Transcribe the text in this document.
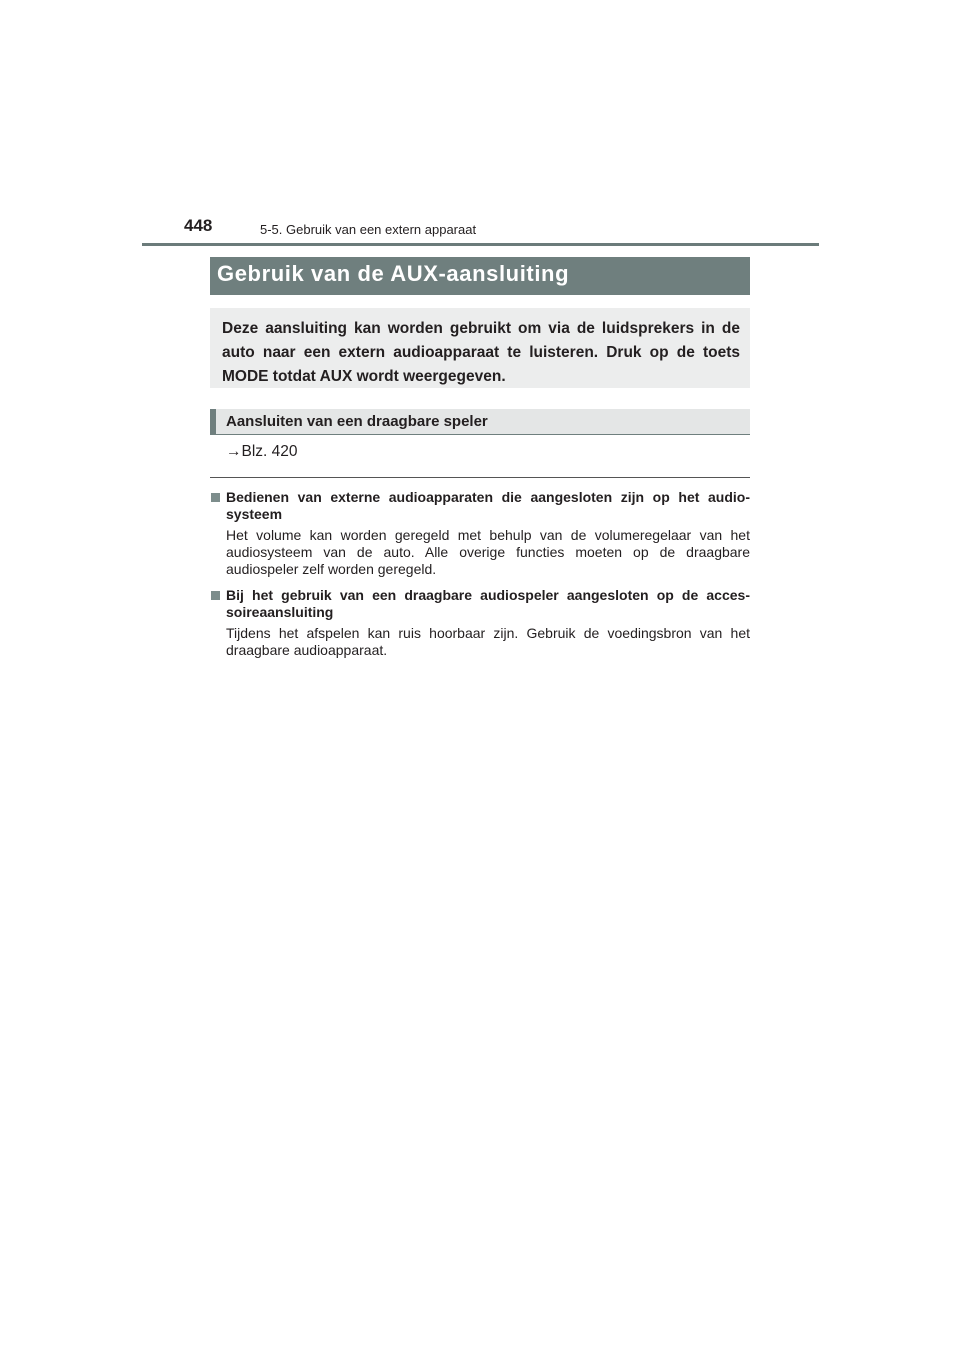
448	5-5. Gebruik van een extern apparaat
Gebruik van de AUX-aansluiting
Deze aansluiting kan worden gebruikt om via de luidsprekers in de auto naar een extern audioapparaat te luisteren. Druk op de toets MODE totdat AUX wordt weergegeven.
Aansluiten van een draagbare speler
→Blz. 420
Bedienen van externe audioapparaten die aangesloten zijn op het audio-systeem
Het volume kan worden geregeld met behulp van de volumeregelaar van het audiosysteem van de auto. Alle overige functies moeten op de draagbare audiospeler zelf worden geregeld.
Bij het gebruik van een draagbare audiospeler aangesloten op de acces-soireaansluiting
Tijdens het afspelen kan ruis hoorbaar zijn. Gebruik de voedingsbron van het draagbare audioapparaat.
